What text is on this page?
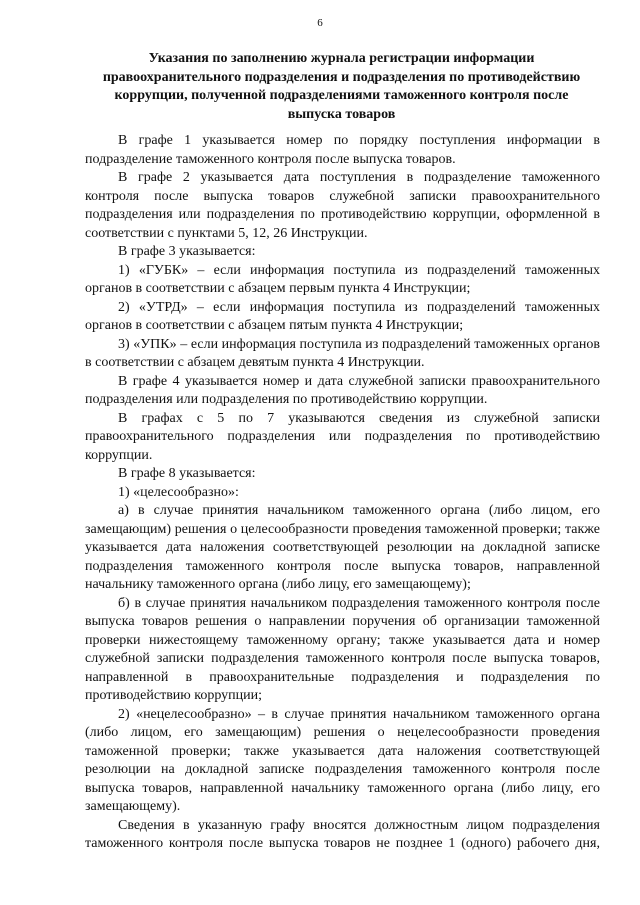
6
Указания по заполнению журнала регистрации информации
правоохранительного подразделения и подразделения по противодействию
коррупции, полученной подразделениями таможенного контроля после
выпуска товаров

В графе 1 указывается номер по порядку поступления информации в подразделение таможенного контроля после выпуска товаров.

В графе 2 указывается дата поступления в подразделение таможенного контроля после выпуска товаров служебной записки правоохранительного подразделения или подразделения по противодействию коррупции, оформленной в соответствии с пунктами 5, 12, 26 Инструкции.

В графе 3 указывается:

1) «ГУБК» – если информация поступила из подразделений таможенных органов в соответствии с абзацем первым пункта 4 Инструкции;

2) «УТРД» – если информация поступила из подразделений таможенных органов в соответствии с абзацем пятым пункта 4 Инструкции;

3) «УПК» – если информация поступила из подразделений таможенных органов в соответствии с абзацем девятым пункта 4 Инструкции.

В графе 4 указывается номер и дата служебной записки правоохранительного подразделения или подразделения по противодействию коррупции.

В графах с 5 по 7 указываются сведения из служебной записки правоохранительного подразделения или подразделения по противодействию коррупции.

В графе 8 указывается:

1) «целесообразно»:

а) в случае принятия начальником таможенного органа (либо лицом, его замещающим) решения о целесообразности проведения таможенной проверки; также указывается дата наложения соответствующей резолюции на докладной записке подразделения таможенного контроля после выпуска товаров, направленной начальнику таможенного органа (либо лицу, его замещающему);

б) в случае принятия начальником подразделения таможенного контроля после выпуска товаров решения о направлении поручения об организации таможенной проверки нижестоящему таможенному органу; также указывается дата и номер служебной записки подразделения таможенного контроля после выпуска товаров, направленной в правоохранительные подразделения и подразделения по противодействию коррупции;

2) «нецелесообразно» – в случае принятия начальником таможенного органа (либо лицом, его замещающим) решения о нецелесообразности проведения таможенной проверки; также указывается дата наложения соответствующей резолюции на докладной записке подразделения таможенного контроля после выпуска товаров, направленной начальнику таможенного органа (либо лицу, его замещающему).

Сведения в указанную графу вносятся должностным лицом подразделения таможенного контроля после выпуска товаров не позднее 1 (одного) рабочего дня,
